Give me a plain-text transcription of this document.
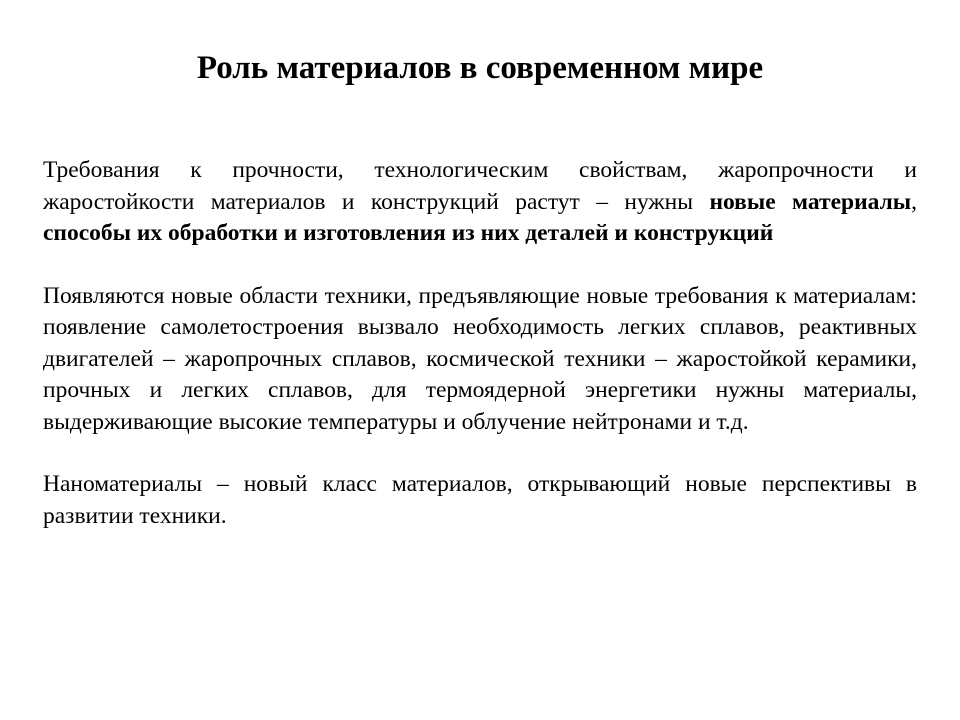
Роль материалов в современном мире

Требования к прочности, технологическим свойствам, жаропрочности и жаростойкости материалов и конструкций растут – нужны новые материалы, способы их обработки и изготовления из них деталей и конструкций

Появляются новые области техники, предъявляющие новые требования к материалам: появление самолетостроения вызвало необходимость легких сплавов, реактивных двигателей – жаропрочных сплавов, космической техники – жаростойкой керамики, прочных и легких сплавов, для термоядерной энергетики нужны материалы, выдерживающие высокие температуры и облучение нейтронами и т.д.

Наноматериалы – новый класс материалов, открывающий новые перспективы в развитии техники.
